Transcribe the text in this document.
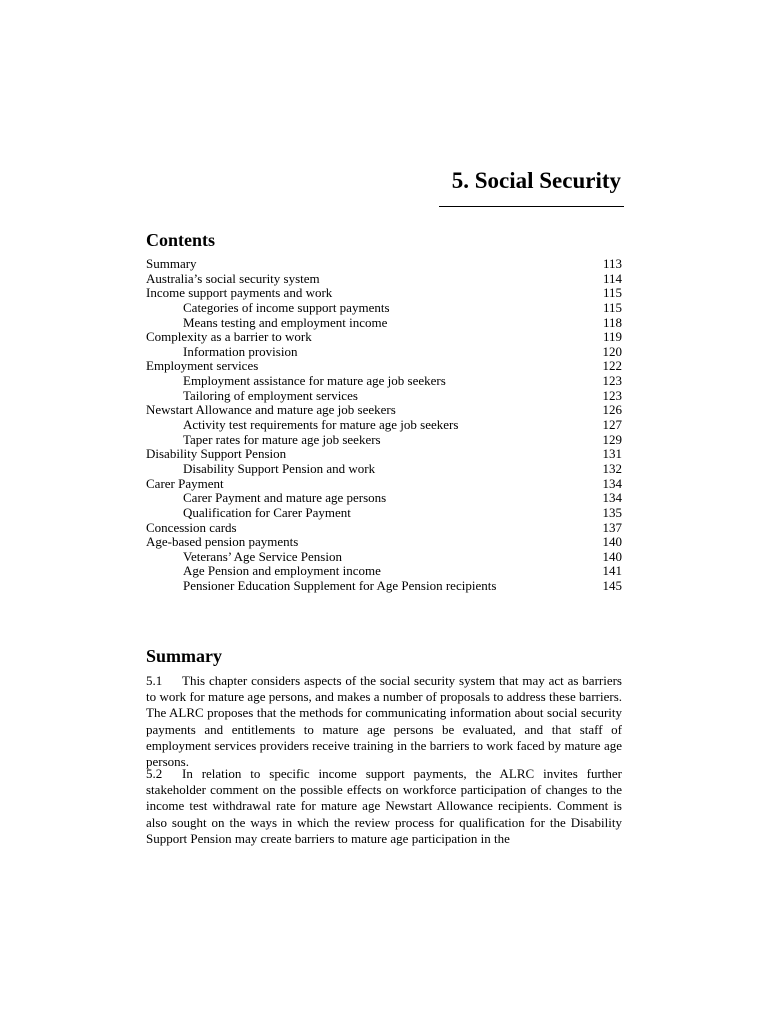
5. Social Security
Contents
Summary	113
Australia’s social security system	114
Income support payments and work	115
Categories of income support payments	115
Means testing and employment income	118
Complexity as a barrier to work	119
Information provision	120
Employment services	122
Employment assistance for mature age job seekers	123
Tailoring of employment services	123
Newstart Allowance and mature age job seekers	126
Activity test requirements for mature age job seekers	127
Taper rates for mature age job seekers	129
Disability Support Pension	131
Disability Support Pension and work	132
Carer Payment	134
Carer Payment and mature age persons	134
Qualification for Carer Payment	135
Concession cards	137
Age-based pension payments	140
Veterans’ Age Service Pension	140
Age Pension and employment income	141
Pensioner Education Supplement for Age Pension recipients	145
Summary

5.1 This chapter considers aspects of the social security system that may act as barriers to work for mature age persons, and makes a number of proposals to address these barriers. The ALRC proposes that the methods for communicating information about social security payments and entitlements to mature age persons be evaluated, and that staff of employment services providers receive training in the barriers to work faced by mature age persons.

5.2 In relation to specific income support payments, the ALRC invites further stakeholder comment on the possible effects on workforce participation of changes to the income test withdrawal rate for mature age Newstart Allowance recipients. Comment is also sought on the ways in which the review process for qualification for the Disability Support Pension may create barriers to mature age participation in the
